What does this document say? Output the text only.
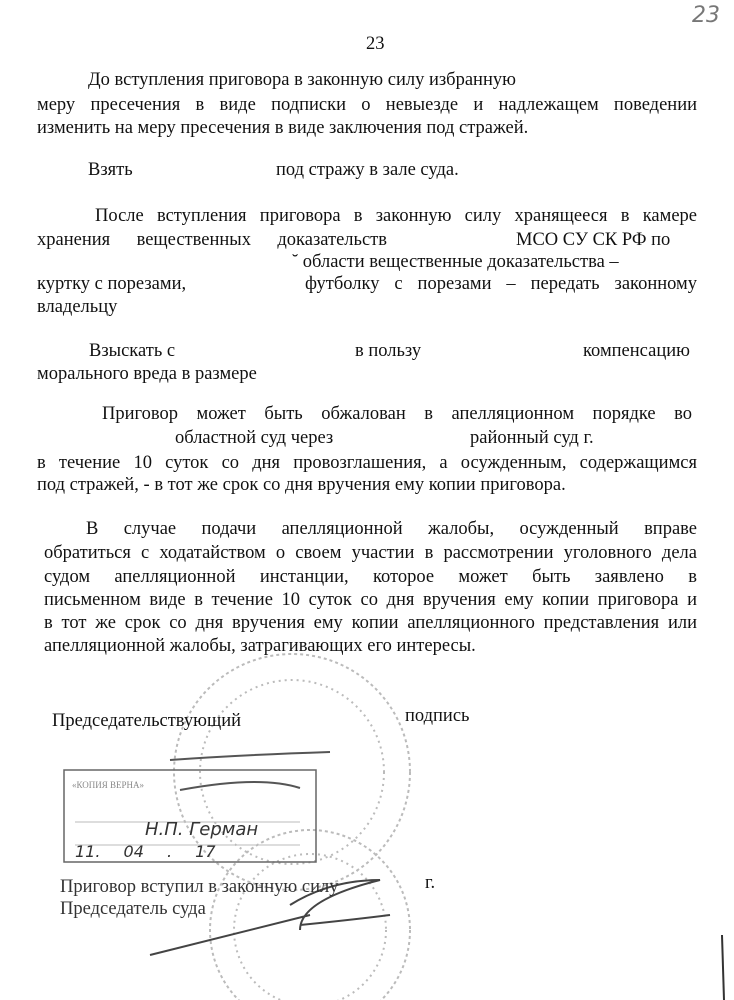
23
23
До вступления приговора в законную силу избранную
меру пресечения в виде подписки о невыезде и надлежащем поведении
изменить на меру пресечения в виде заключения под стражей.
Взять	под стражу в зале суда.
После вступления приговора в законную силу хранящееся в камере
хранения вещественных доказательств	МСО СУ СК РФ по
˘ области вещественные доказательства –
куртку с порезами,	футболку с порезами – передать законному
владельцу
Взыскать с	в пользу	компенсацию
морального вреда в размере
Приговор может быть обжалован в апелляционном порядке во
областной суд через	районный суд г.
в течение 10 суток со дня провозглашения, а осужденным, содержащимся
под стражей, - в тот же срок со дня вручения ему копии приговора.
В случае подачи апелляционной жалобы, осужденный вправе
обратиться с ходатайством о своем участии в рассмотрении уголовного дела
судом апелляционной инстанции, которое может быть заявлено в
письменном виде в течение 10 суток со дня вручения ему копии приговора и
в тот же срок со дня вручения ему копии апелляционного представления или
апелляционной жалобы, затрагивающих его интересы.
Председательствующий	подпись
«КОПИЯ ВЕРНА»
Н.П. Герман
11. 04 . 17
Приговор вступил в законную силу	г.
Председатель суда
